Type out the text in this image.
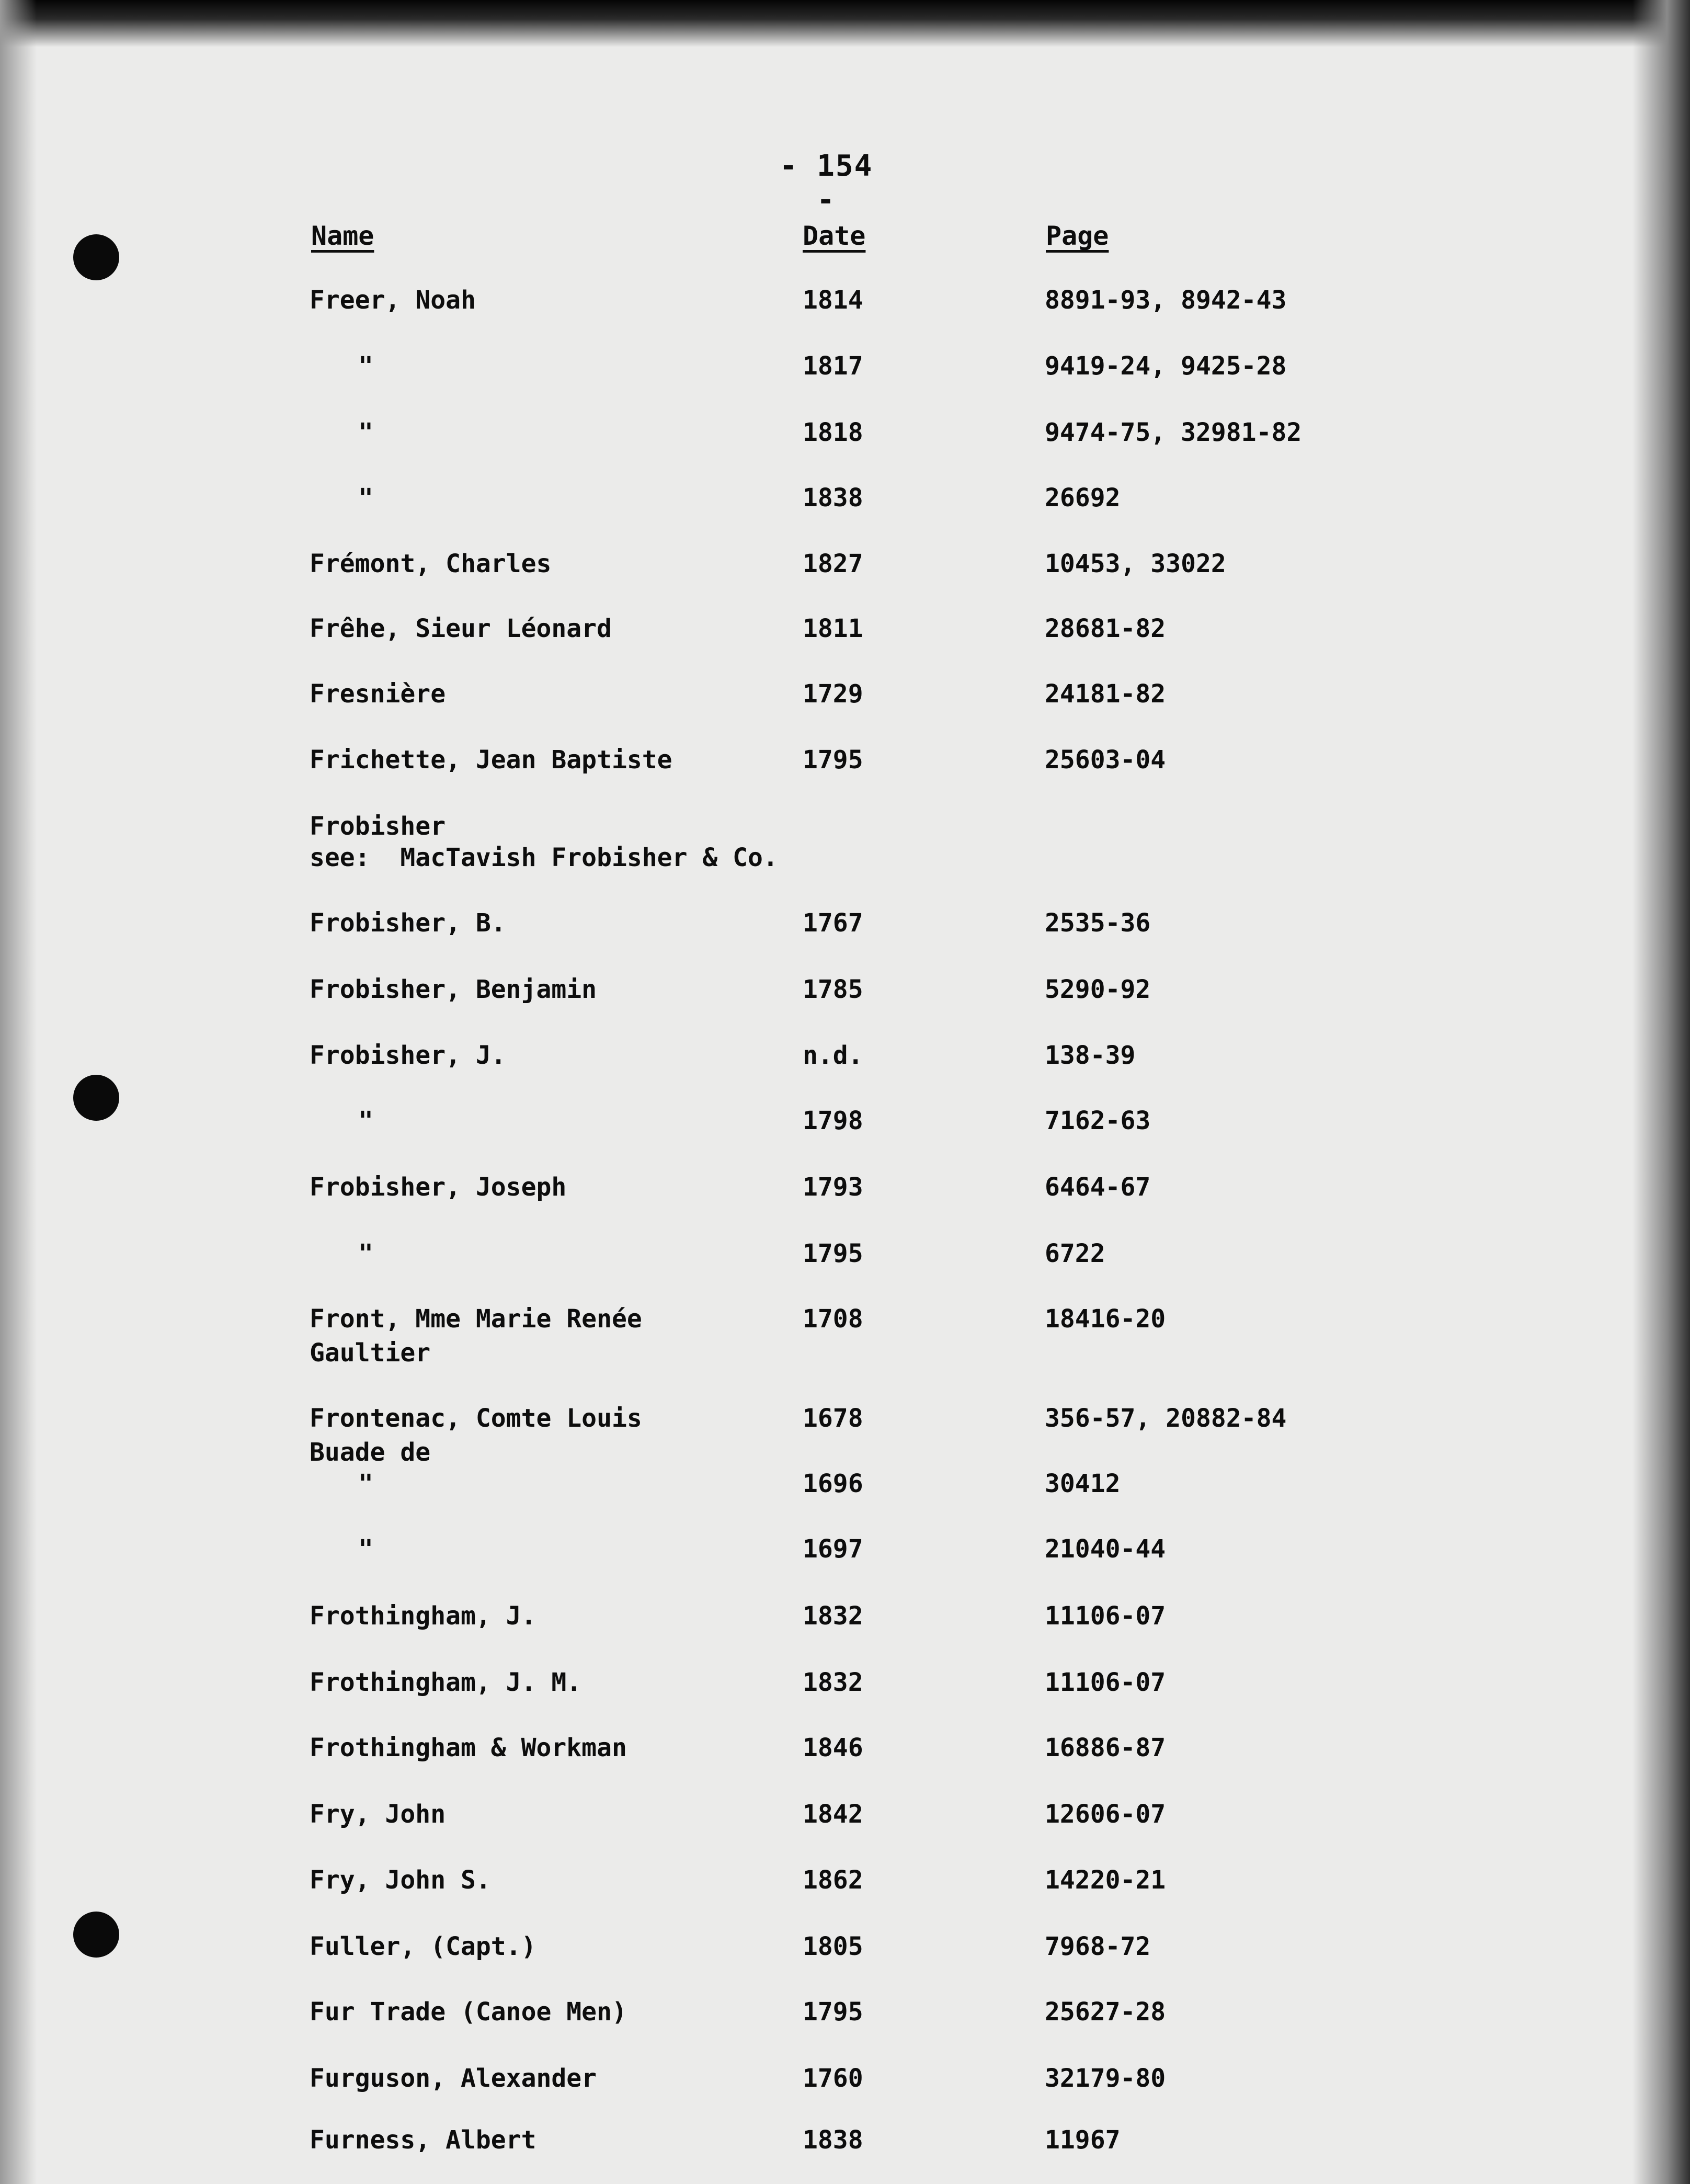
- 154 -
Name	Date	Page
Freer, Noah	1814	8891-93, 8942-43
"	1817	9419-24, 9425-28
"	1818	9474-75, 32981-82
"	1838	26692
Frémont, Charles	1827	10453, 33022
Frêhe, Sieur Léonard	1811	28681-82
Fresnière	1729	24181-82
Frichette, Jean Baptiste	1795	25603-04
Frobisher
see:  MacTavish Frobisher & Co.
Frobisher, B.	1767	2535-36
Frobisher, Benjamin	1785	5290-92
Frobisher, J.	n.d.	138-39
"	1798	7162-63
Frobisher, Joseph	1793	6464-67
"	1795	6722
Front, Mme Marie Renée	1708	18416-20
Gaultier
Frontenac, Comte Louis	1678	356-57, 20882-84
Buade de
"	1696	30412
"	1697	21040-44
Frothingham, J.	1832	11106-07
Frothingham, J. M.	1832	11106-07
Frothingham & Workman	1846	16886-87
Fry, John	1842	12606-07
Fry, John S.	1862	14220-21
Fuller, (Capt.)	1805	7968-72
Fur Trade (Canoe Men)	1795	25627-28
Furguson, Alexander	1760	32179-80
Furness, Albert	1838	11967
